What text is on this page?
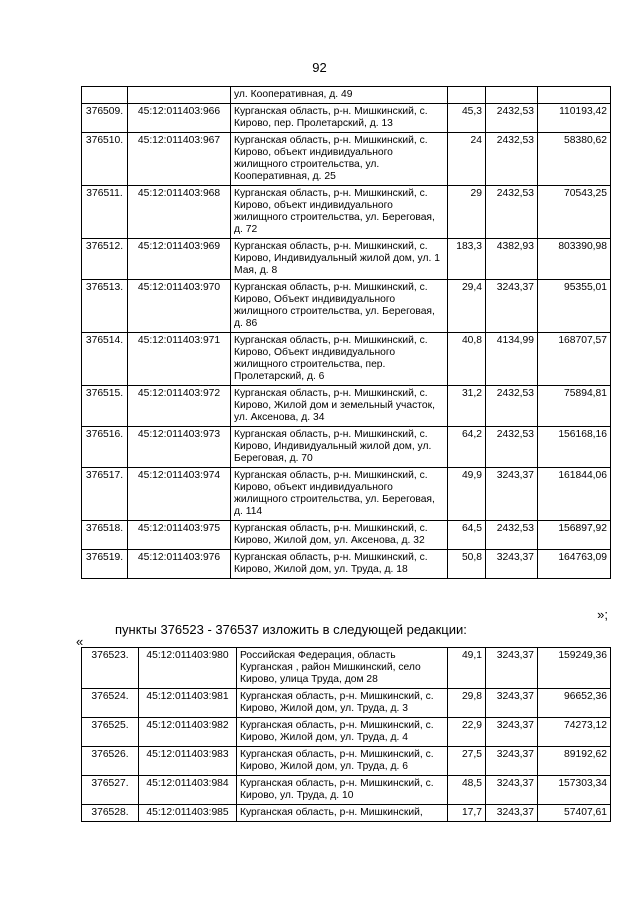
92
		ул. Кооперативная, д. 49			
376509.	45:12:011403:966	Курганская область, р-н. Мишкинский, с. Кирово, пер. Пролетарский, д. 13	45,3	2432,53	110193,42
376510.	45:12:011403:967	Курганская область, р-н. Мишкинский, с. Кирово, объект индивидуального жилищного строительства, ул. Кооперативная, д. 25	24	2432,53	58380,62
376511.	45:12:011403:968	Курганская область, р-н. Мишкинский, с. Кирово, объект индивидуального жилищного строительства, ул. Береговая, д. 72	29	2432,53	70543,25
376512.	45:12:011403:969	Курганская область, р-н. Мишкинский, с. Кирово, Индивидуальный жилой дом, ул. 1 Мая, д. 8	183,3	4382,93	803390,98
376513.	45:12:011403:970	Курганская область, р-н. Мишкинский, с. Кирово, Объект индивидуального жилищного строительства, ул. Береговая, д. 86	29,4	3243,37	95355,01
376514.	45:12:011403:971	Курганская область, р-н. Мишкинский, с. Кирово, Объект индивидуального жилищного строительства, пер. Пролетарский, д. 6	40,8	4134,99	168707,57
376515.	45:12:011403:972	Курганская область, р-н. Мишкинский, с. Кирово, Жилой дом и земельный участок, ул. Аксенова, д. 34	31,2	2432,53	75894,81
376516.	45:12:011403:973	Курганская область, р-н. Мишкинский, с. Кирово, Индивидуальный жилой дом, ул. Береговая, д. 70	64,2	2432,53	156168,16
376517.	45:12:011403:974	Курганская область, р-н. Мишкинский, с. Кирово, объект индивидуального жилищного строительства, ул. Береговая, д. 114	49,9	3243,37	161844,06
376518.	45:12:011403:975	Курганская область, р-н. Мишкинский, с. Кирово, Жилой дом, ул. Аксенова, д. 32	64,5	2432,53	156897,92
376519.	45:12:011403:976	Курганская область, р-н. Мишкинский, с. Кирово, Жилой дом, ул. Труда, д. 18	50,8	3243,37	164763,09
»;
пункты 376523 - 376537 изложить в следующей редакции:
«
376523.	45:12:011403:980	Российская Федерация, область Курганская , район Мишкинский, село Кирово, улица Труда, дом 28	49,1	3243,37	159249,36
376524.	45:12:011403:981	Курганская область, р-н. Мишкинский, с. Кирово, Жилой дом, ул. Труда, д. 3	29,8	3243,37	96652,36
376525.	45:12:011403:982	Курганская область, р-н. Мишкинский, с. Кирово, Жилой дом, ул. Труда, д. 4	22,9	3243,37	74273,12
376526.	45:12:011403:983	Курганская область, р-н. Мишкинский, с. Кирово, Жилой дом, ул. Труда, д. 6	27,5	3243,37	89192,62
376527.	45:12:011403:984	Курганская область, р-н. Мишкинский, с. Кирово, ул. Труда, д. 10	48,5	3243,37	157303,34
376528.	45:12:011403:985	Курганская область, р-н. Мишкинский,	17,7	3243,37	57407,61
